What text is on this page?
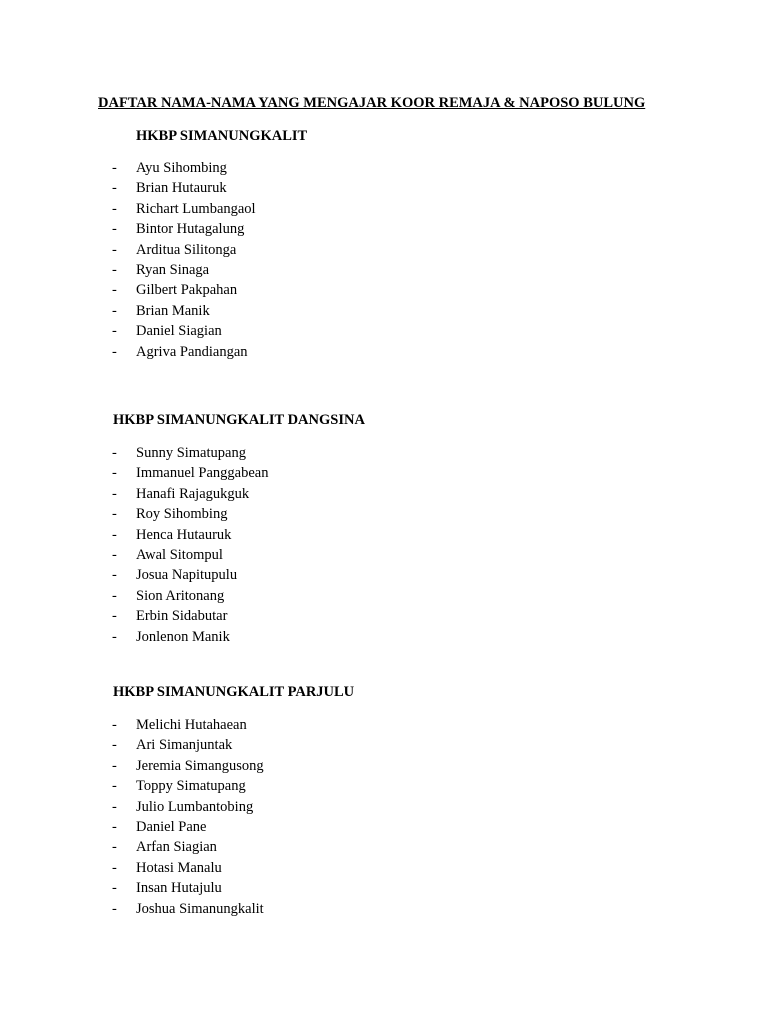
DAFTAR NAMA-NAMA YANG MENGAJAR KOOR REMAJA & NAPOSO BULUNG
HKBP SIMANUNGKALIT
- Ayu Sihombing
- Brian Hutauruk
- Richart Lumbangaol
- Bintor Hutagalung
- Arditua Silitonga
- Ryan Sinaga
- Gilbert Pakpahan
- Brian Manik
- Daniel Siagian
- Agriva Pandiangan
HKBP SIMANUNGKALIT DANGSINA
- Sunny Simatupang
- Immanuel Panggabean
- Hanafi Rajagukguk
- Roy Sihombing
- Henca Hutauruk
- Awal Sitompul
- Josua Napitupulu
- Sion Aritonang
- Erbin Sidabutar
- Jonlenon Manik
HKBP SIMANUNGKALIT PARJULU
- Melichi Hutahaean
- Ari Simanjuntak
- Jeremia Simangusong
- Toppy Simatupang
- Julio Lumbantobing
- Daniel Pane
- Arfan Siagian
- Hotasi Manalu
- Insan Hutajulu
- Joshua Simanungkalit
